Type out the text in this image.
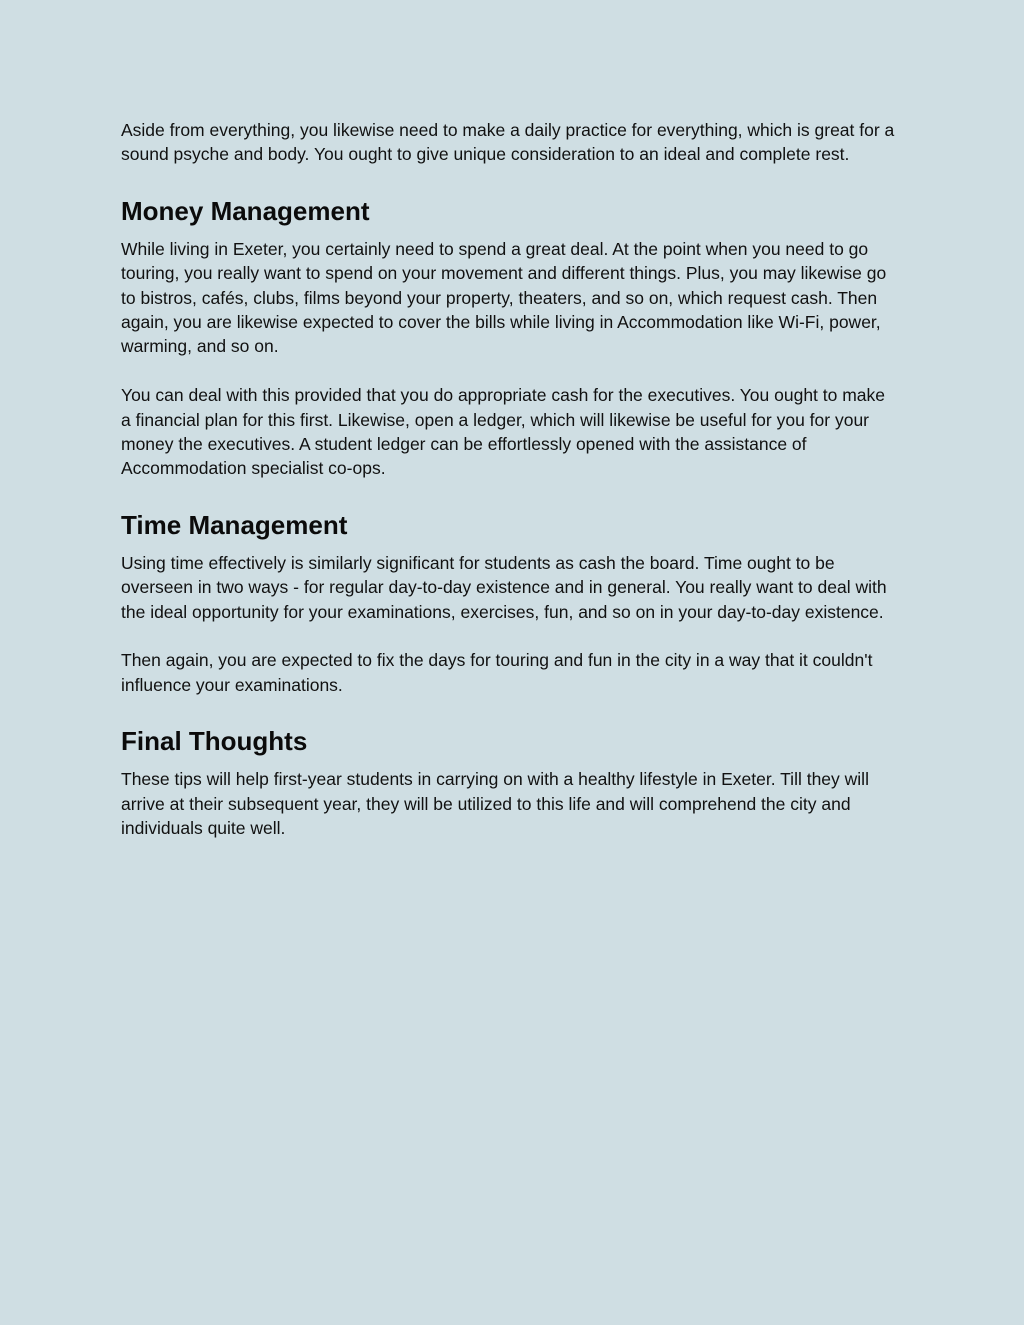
Aside from everything, you likewise need to make a daily practice for everything, which is great for a sound psyche and body. You ought to give unique consideration to an ideal and complete rest.

Money Management

While living in Exeter, you certainly need to spend a great deal. At the point when you need to go touring, you really want to spend on your movement and different things. Plus, you may likewise go to bistros, cafés, clubs, films beyond your property, theaters, and so on, which request cash. Then again, you are likewise expected to cover the bills while living in Accommodation like Wi-Fi, power, warming, and so on.

You can deal with this provided that you do appropriate cash for the executives. You ought to make a financial plan for this first. Likewise, open a ledger, which will likewise be useful for you for your money the executives. A student ledger can be effortlessly opened with the assistance of Accommodation specialist co-ops.

Time Management

Using time effectively is similarly significant for students as cash the board. Time ought to be overseen in two ways - for regular day-to-day existence and in general. You really want to deal with the ideal opportunity for your examinations, exercises, fun, and so on in your day-to-day existence.

Then again, you are expected to fix the days for touring and fun in the city in a way that it couldn't influence your examinations.

Final Thoughts

These tips will help first-year students in carrying on with a healthy lifestyle in Exeter. Till they will arrive at their subsequent year, they will be utilized to this life and will comprehend the city and individuals quite well.
